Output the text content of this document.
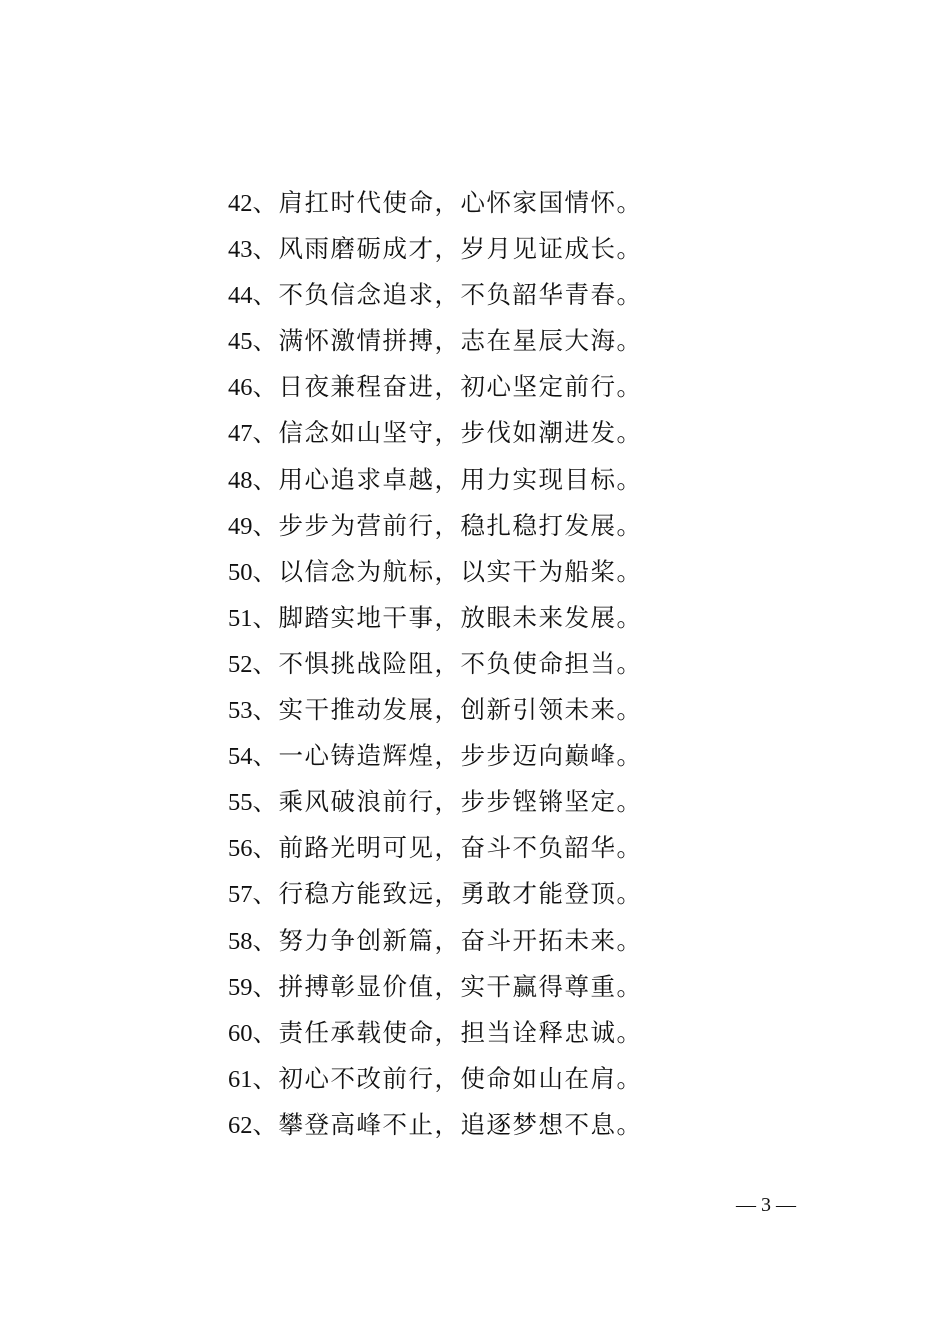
42、肩扛时代使命，心怀家国情怀。
43、风雨磨砺成才，岁月见证成长。
44、不负信念追求，不负韶华青春。
45、满怀激情拼搏，志在星辰大海。
46、日夜兼程奋进，初心坚定前行。
47、信念如山坚守，步伐如潮进发。
48、用心追求卓越，用力实现目标。
49、步步为营前行，稳扎稳打发展。
50、以信念为航标，以实干为船桨。
51、脚踏实地干事，放眼未来发展。
52、不惧挑战险阻，不负使命担当。
53、实干推动发展，创新引领未来。
54、一心铸造辉煌，步步迈向巅峰。
55、乘风破浪前行，步步铿锵坚定。
56、前路光明可见，奋斗不负韶华。
57、行稳方能致远，勇敢才能登顶。
58、努力争创新篇，奋斗开拓未来。
59、拼搏彰显价值，实干赢得尊重。
60、责任承载使命，担当诠释忠诚。
61、初心不改前行，使命如山在肩。
62、攀登高峰不止，追逐梦想不息。
— 3 —
